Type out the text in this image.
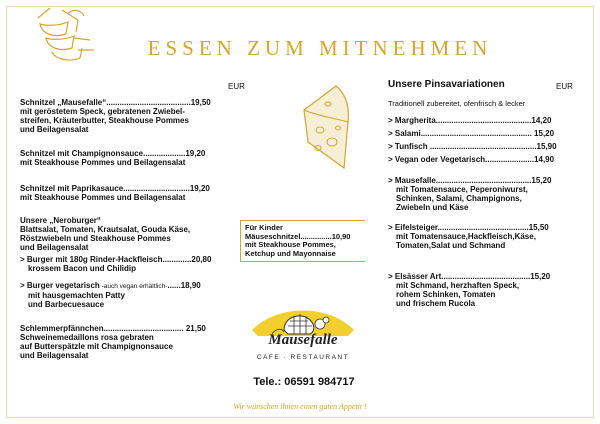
ESSEN ZUM MITNEHMEN
EUR
Schnitzel „Mausefalle“......................................19,50
mit geröstetem Speck, gebratenen Zwiebel-
streifen, Kräuterbutter, Steakhouse Pommes
und Beilagensalat
Schnitzel mit Champignonsauce...................19,20
mit Steakhouse Pommes und Beilagensalat
Schnitzel mit Paprikasauce..............................19,20
mit Steakhouse Pommes und Beilagensalat
Unsere „Neroburger“
Blattsalat, Tomaten, Krautsalat, Gouda Käse,
Röstzwiebeln und Steakhouse Pommes
und Beilagensalat
> Burger mit 180g Rinder-Hackfleisch.............20,80
krossem Bacon und Chilidip
> Burger vegetarisch -auch vegan erhältlich-......18,90
mit hausgemachten Patty
und Barbecuesauce
Schlemmerpfännchen.................................... 21,50
Schweinemedaillons rosa gebraten
auf Butterspätzle mit Champignonsauce
und Beilagensalat
Für Kinder
Mäuseschnitzel...............10,90
mit Steakhouse Pommes,
Ketchup und Mayonnaise
Unsere Pinsavariationen	EUR
Traditionell zubereitet, ofenfrisch & lecker
> Margherita...........................................14,20
> Salami.................................................. 15,20
> Tunfisch ................................................15,90
> Vegan oder Vegetarisch......................14,90
> Mausefalle...........................................15,20
mit Tomatensauce, Peperoniwurst,
Schinken, Salami, Champignons,
Zwiebeln und Käse
> Eifelsteiger.........................................15,50
mit Tomatensauce,Hackfleisch,Käse,
Tomaten,Salat und Schmand
> Elsässer Art........................................15,20
mit Schmand, herzhaften Speck,
rohem Schinken, Tomaten
und frischem Rucola
Mausefalle
CAFE · RESTAURANT
Tele.: 06591 984717
Wir wünschen ihnen einen guten Appetit !
